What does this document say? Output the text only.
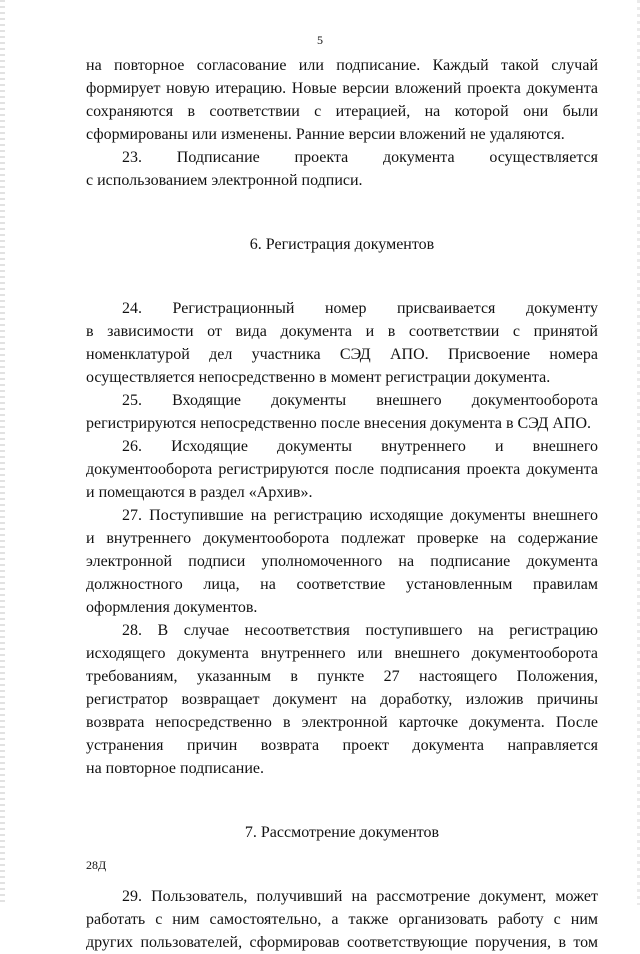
5
на повторное согласование или подписание. Каждый такой случай
формирует новую итерацию. Новые версии вложений проекта документа
сохраняются в соответствии с итерацией, на которой они были
сформированы или изменены. Ранние версии вложений не удаляются.
23. Подписание проекта документа осуществляется
с использованием электронной подписи.
6. Регистрация документов
24. Регистрационный номер присваивается документу
в зависимости от вида документа и в соответствии с принятой
номенклатурой дел участника СЭД АПО. Присвоение номера
осуществляется непосредственно в момент регистрации документа.
25. Входящие документы внешнего документооборота
регистрируются непосредственно после внесения документа в СЭД АПО.
26. Исходящие документы внутреннего и внешнего
документооборота регистрируются после подписания проекта документа
и помещаются в раздел «Архив».
27. Поступившие на регистрацию исходящие документы внешнего
и внутреннего документооборота подлежат проверке на содержание
электронной подписи уполномоченного на подписание документа
должностного лица, на соответствие установленным правилам
оформления документов.
28. В случае несоответствия поступившего на регистрацию
исходящего документа внутреннего или внешнего документооборота
требованиям, указанным в пункте 27 настоящего Положения,
регистратор возвращает документ на доработку, изложив причины
возврата непосредственно в электронной карточке документа. После
устранения причин возврата проект документа направляется
на повторное подписание.
7. Рассмотрение документов
29. Пользователь, получивший на рассмотрение документ, может
работать с ним самостоятельно, а также организовать работу с ним
других пользователей, сформировав соответствующие поручения, в том
28Д
